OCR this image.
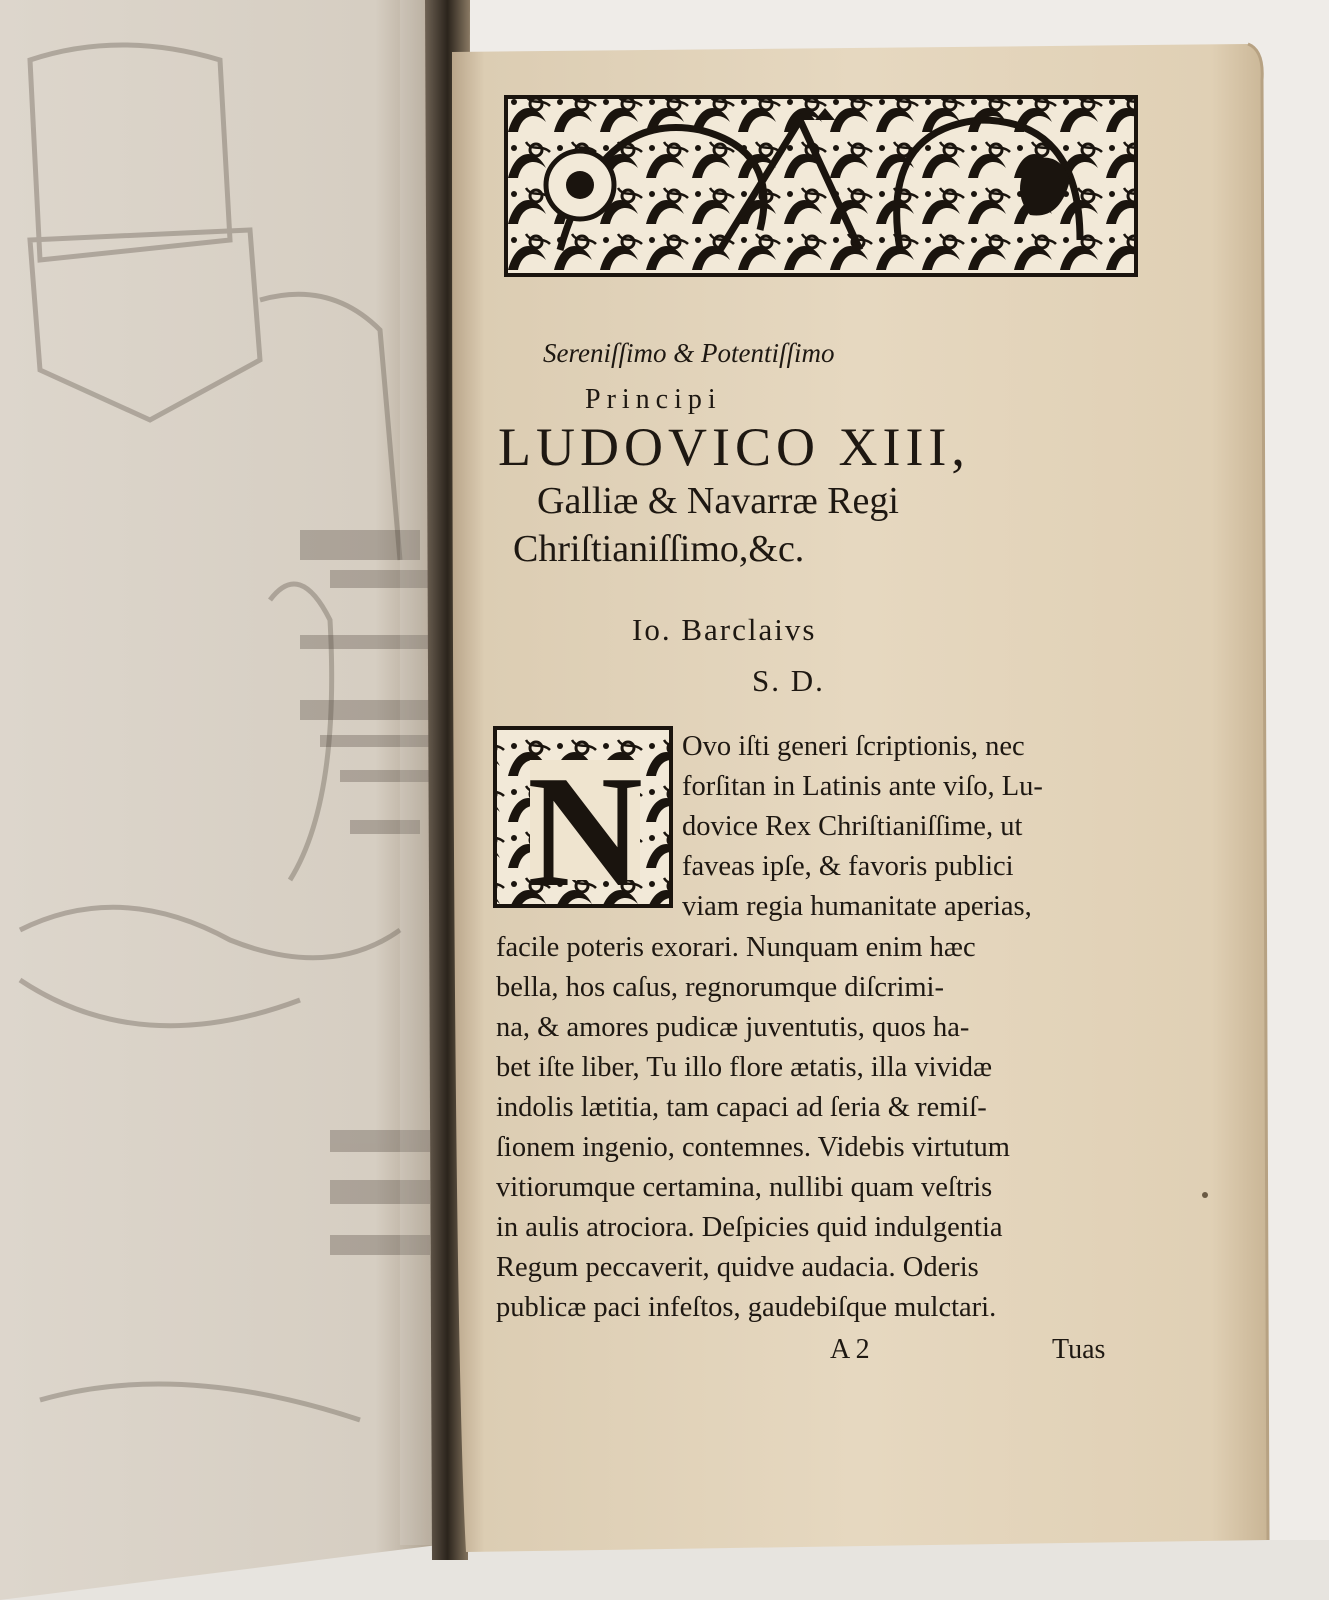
N
Sereniſſimo & Potentiſſimo
Principi
LUDOVICO XIII,
Galliæ & Navarræ Regi
Chriſtianiſſimo,&c.
Io. Barclaivs
S. D.
Ovo iſti generi ſcriptionis, nec
forſitan in Latinis ante viſo, Lu-
dovice Rex Chriſtianiſſime, ut
faveas ipſe, & favoris publici
viam regia humanitate aperias,
facile poteris exorari. Nunquam enim hæc
bella, hos caſus, regnorumque diſcrimi-
na, & amores pudicæ juventutis, quos ha-
bet iſte liber, Tu illo flore ætatis, illa vividæ
indolis lætitia, tam capaci ad ſeria & remiſ-
ſionem ingenio, contemnes. Videbis virtutum
vitiorumque certamina, nullibi quam veſtris
in aulis atrociora. Deſpicies quid indulgentia
Regum peccaverit, quidve audacia. Oderis
publicæ paci infeſtos, gaudebiſque mulctari.
A 2	Tuas
